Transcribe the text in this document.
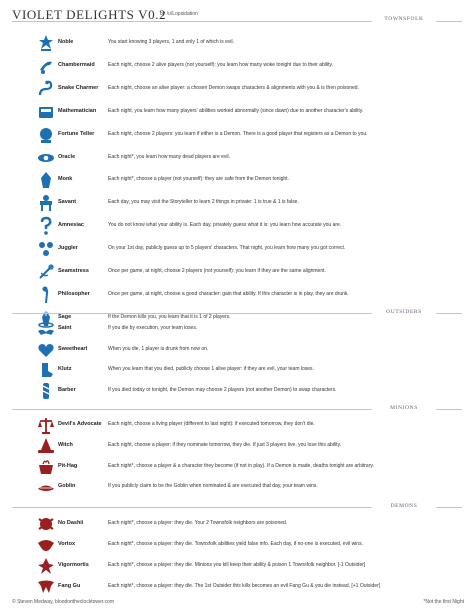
VIOLET DELIGHTS V0.2
by /u/Lopsidation
TOWNSFOLK
Noble	You start knowing 3 players, 1 and only 1 of which is evil.
Chambermaid	Each night, choose 2 alive players (not yourself): you learn how many woke tonight due to their ability.
Snake Charmer	Each night, choose an alive player: a chosen Demon swaps characters & alignments with you & is then poisoned.
Mathematician	Each night, you learn how many players' abilities worked abnormally (since dawn) due to another character's ability.
Fortune Teller	Each night, choose 2 players: you learn if either is a Demon. There is a good player that registers as a Demon to you.
Oracle	Each night*, you learn how many dead players are evil.
Monk	Each night*, choose a player (not yourself): they are safe from the Demon tonight.
Savant	Each day, you may visit the Storyteller to learn 2 things in private: 1 is true & 1 is false.
Amnesiac	You do not know what your ability is. Each day, privately guess what it is: you learn how accurate you are.
Juggler	On your 1st day, publicly guess up to 5 players' characters. That night, you learn how many you got correct.
Seamstress	Once per game, at night, choose 2 players (not yourself): you learn if they are the same alignment.
Philosopher	Once per game, at night, choose a good character: gain that ability. If this character is in play, they are drunk.
Sage	If the Demon kills you, you learn that it is 1 of 2 players.
OUTSIDERS
Saint	If you die by execution, your team loses.
Sweetheart	When you die, 1 player is drunk from now on.
Klutz	When you learn that you died, publicly choose 1 alive player: if they are evil, your team loses.
Barber	If you died today or tonight, the Demon may choose 2 players (not another Demon) to swap characters.
MINIONS
Devil's Advocate	Each night, choose a living player (different to last night): if executed tomorrow, they don't die.
Witch	Each night, choose a player: if they nominate tomorrow, they die. If just 3 players live, you lose this ability.
Pit-Hag	Each night*, choose a player & a character they become (if not in play). If a Demon is made, deaths tonight are arbitrary.
Goblin	If you publicly claim to be the Goblin when nominated & are executed that day, your team wins.
DEMONS
No Dashii	Each night*, choose a player: they die. Your 2 Townsfolk neighbors are poisoned.
Vortox	Each night*, choose a player: they die. Townsfolk abilities yield false info. Each day, if no-one is executed, evil wins.
Vigormortis	Each night*, choose a player: they die. Minions you kill keep their ability & poison 1 Townsfolk neighbor. [-1 Outsider]
Fang Gu	Each night*, choose a player: they die. The 1st Outsider this kills becomes an evil Fang Gu & you die instead. [+1 Outsider]
© Steven Medway, bloodontheclocktower.com	*Not the first Night
